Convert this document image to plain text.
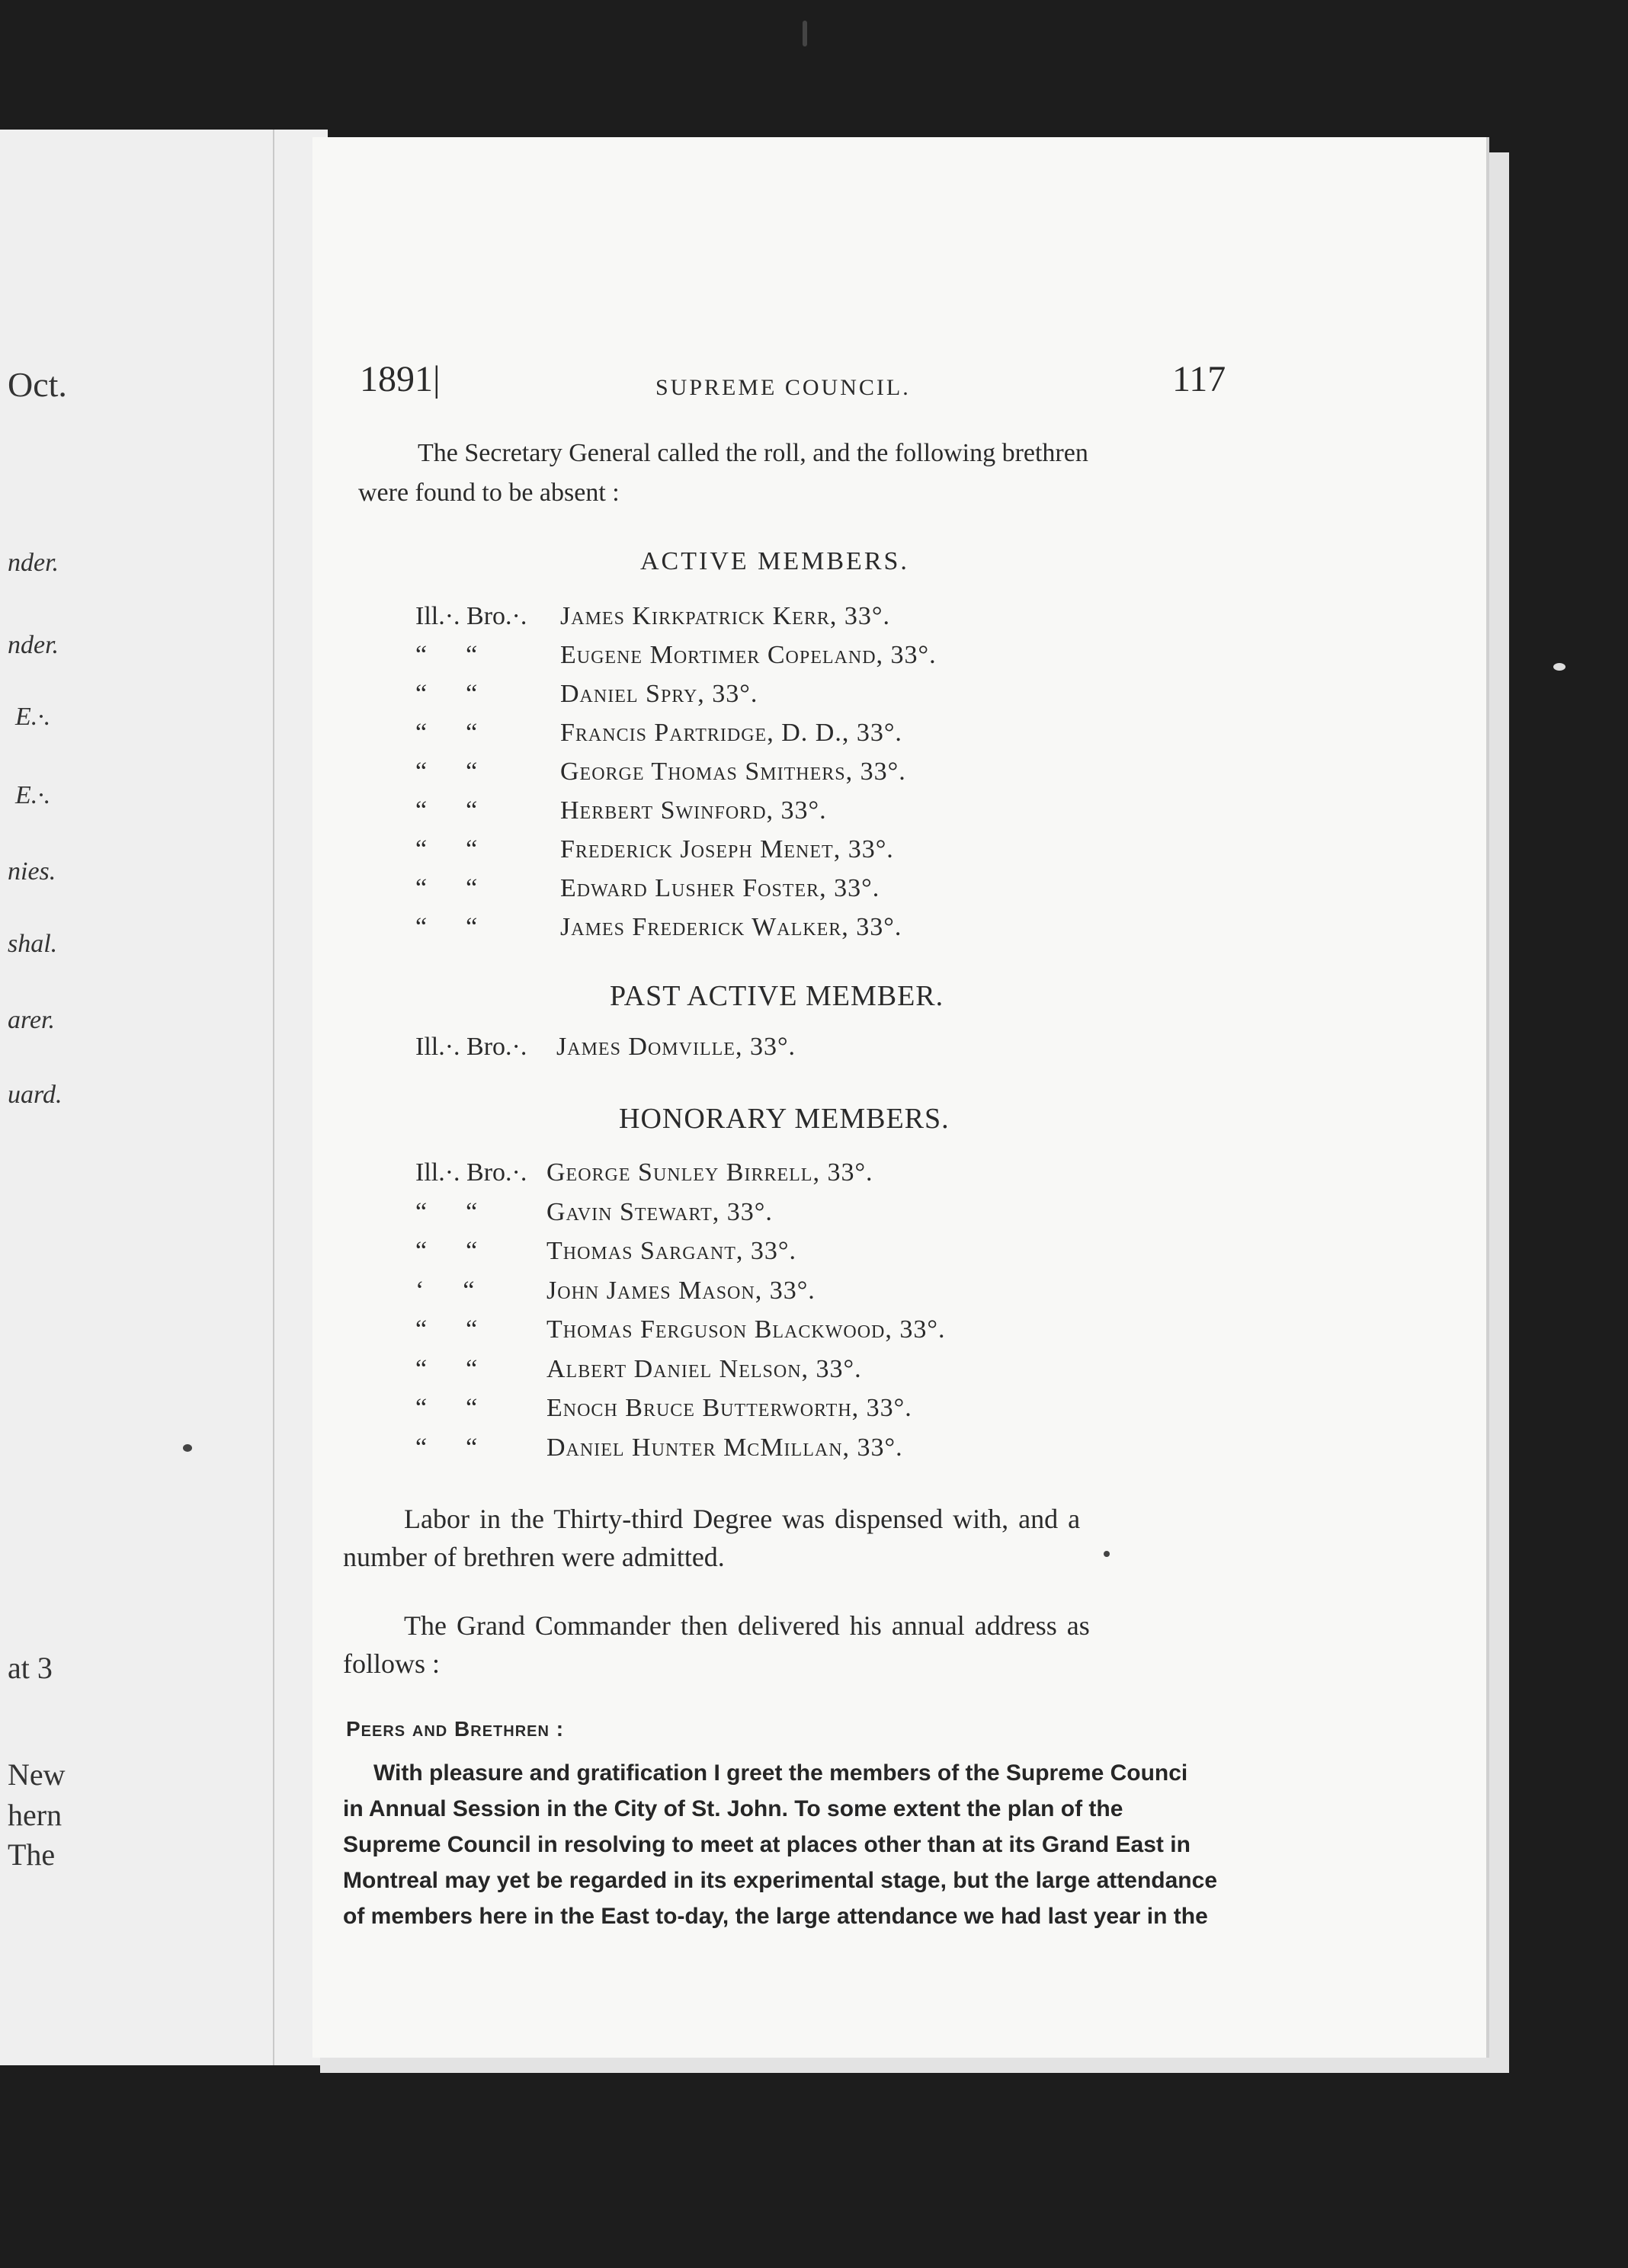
Oct.
nder.
nder.
E.·.
E.·.
nies.
shal.
arer.
uard.
at 3
New
hern
The
1891|	SUPREME COUNCIL.	117
The Secretary General called the roll, and the following brethren
were found to be absent :
ACTIVE MEMBERS.
Ill.·. Bro.·. James Kirkpatrick Kerr, 33°.
“      “	Eugene Mortimer Copeland, 33°.
“      “	Daniel Spry, 33°.
“      “	Francis Partridge, D. D., 33°.
“      “	George Thomas Smithers, 33°.
“      “	Herbert Swinford, 33°.
“      “	Frederick Joseph Menet, 33°.
“      “	Edward Lusher Foster, 33°.
“      “	James Frederick Walker, 33°.
PAST ACTIVE MEMBER.
Ill.·. Bro.·. James Domville, 33°.
HONORARY MEMBERS.
Ill.·. Bro.·. George Sunley Birrell, 33°.
“      “	Gavin Stewart, 33°.
“      “	Thomas Sargant, 33°.
‘      “	John James Mason, 33°.
“      “	Thomas Ferguson Blackwood, 33°.
“      “	Albert Daniel Nelson, 33°.
“      “	Enoch Bruce Butterworth, 33°.
“      “	Daniel Hunter McMillan, 33°.
Labor in the Thirty-third Degree was dispensed with, and a
number of brethren were admitted.
The Grand Commander then delivered his annual address as
follows :
Peers and Brethren :
With pleasure and gratification I greet the members of the Supreme Counci
in Annual Session in the City of St. John. To some extent the plan of the
Supreme Council in resolving to meet at places other than at its Grand East in
Montreal may yet be regarded in its experimental stage, but the large attendance
of members here in the East to-day, the large attendance we had last year in the
